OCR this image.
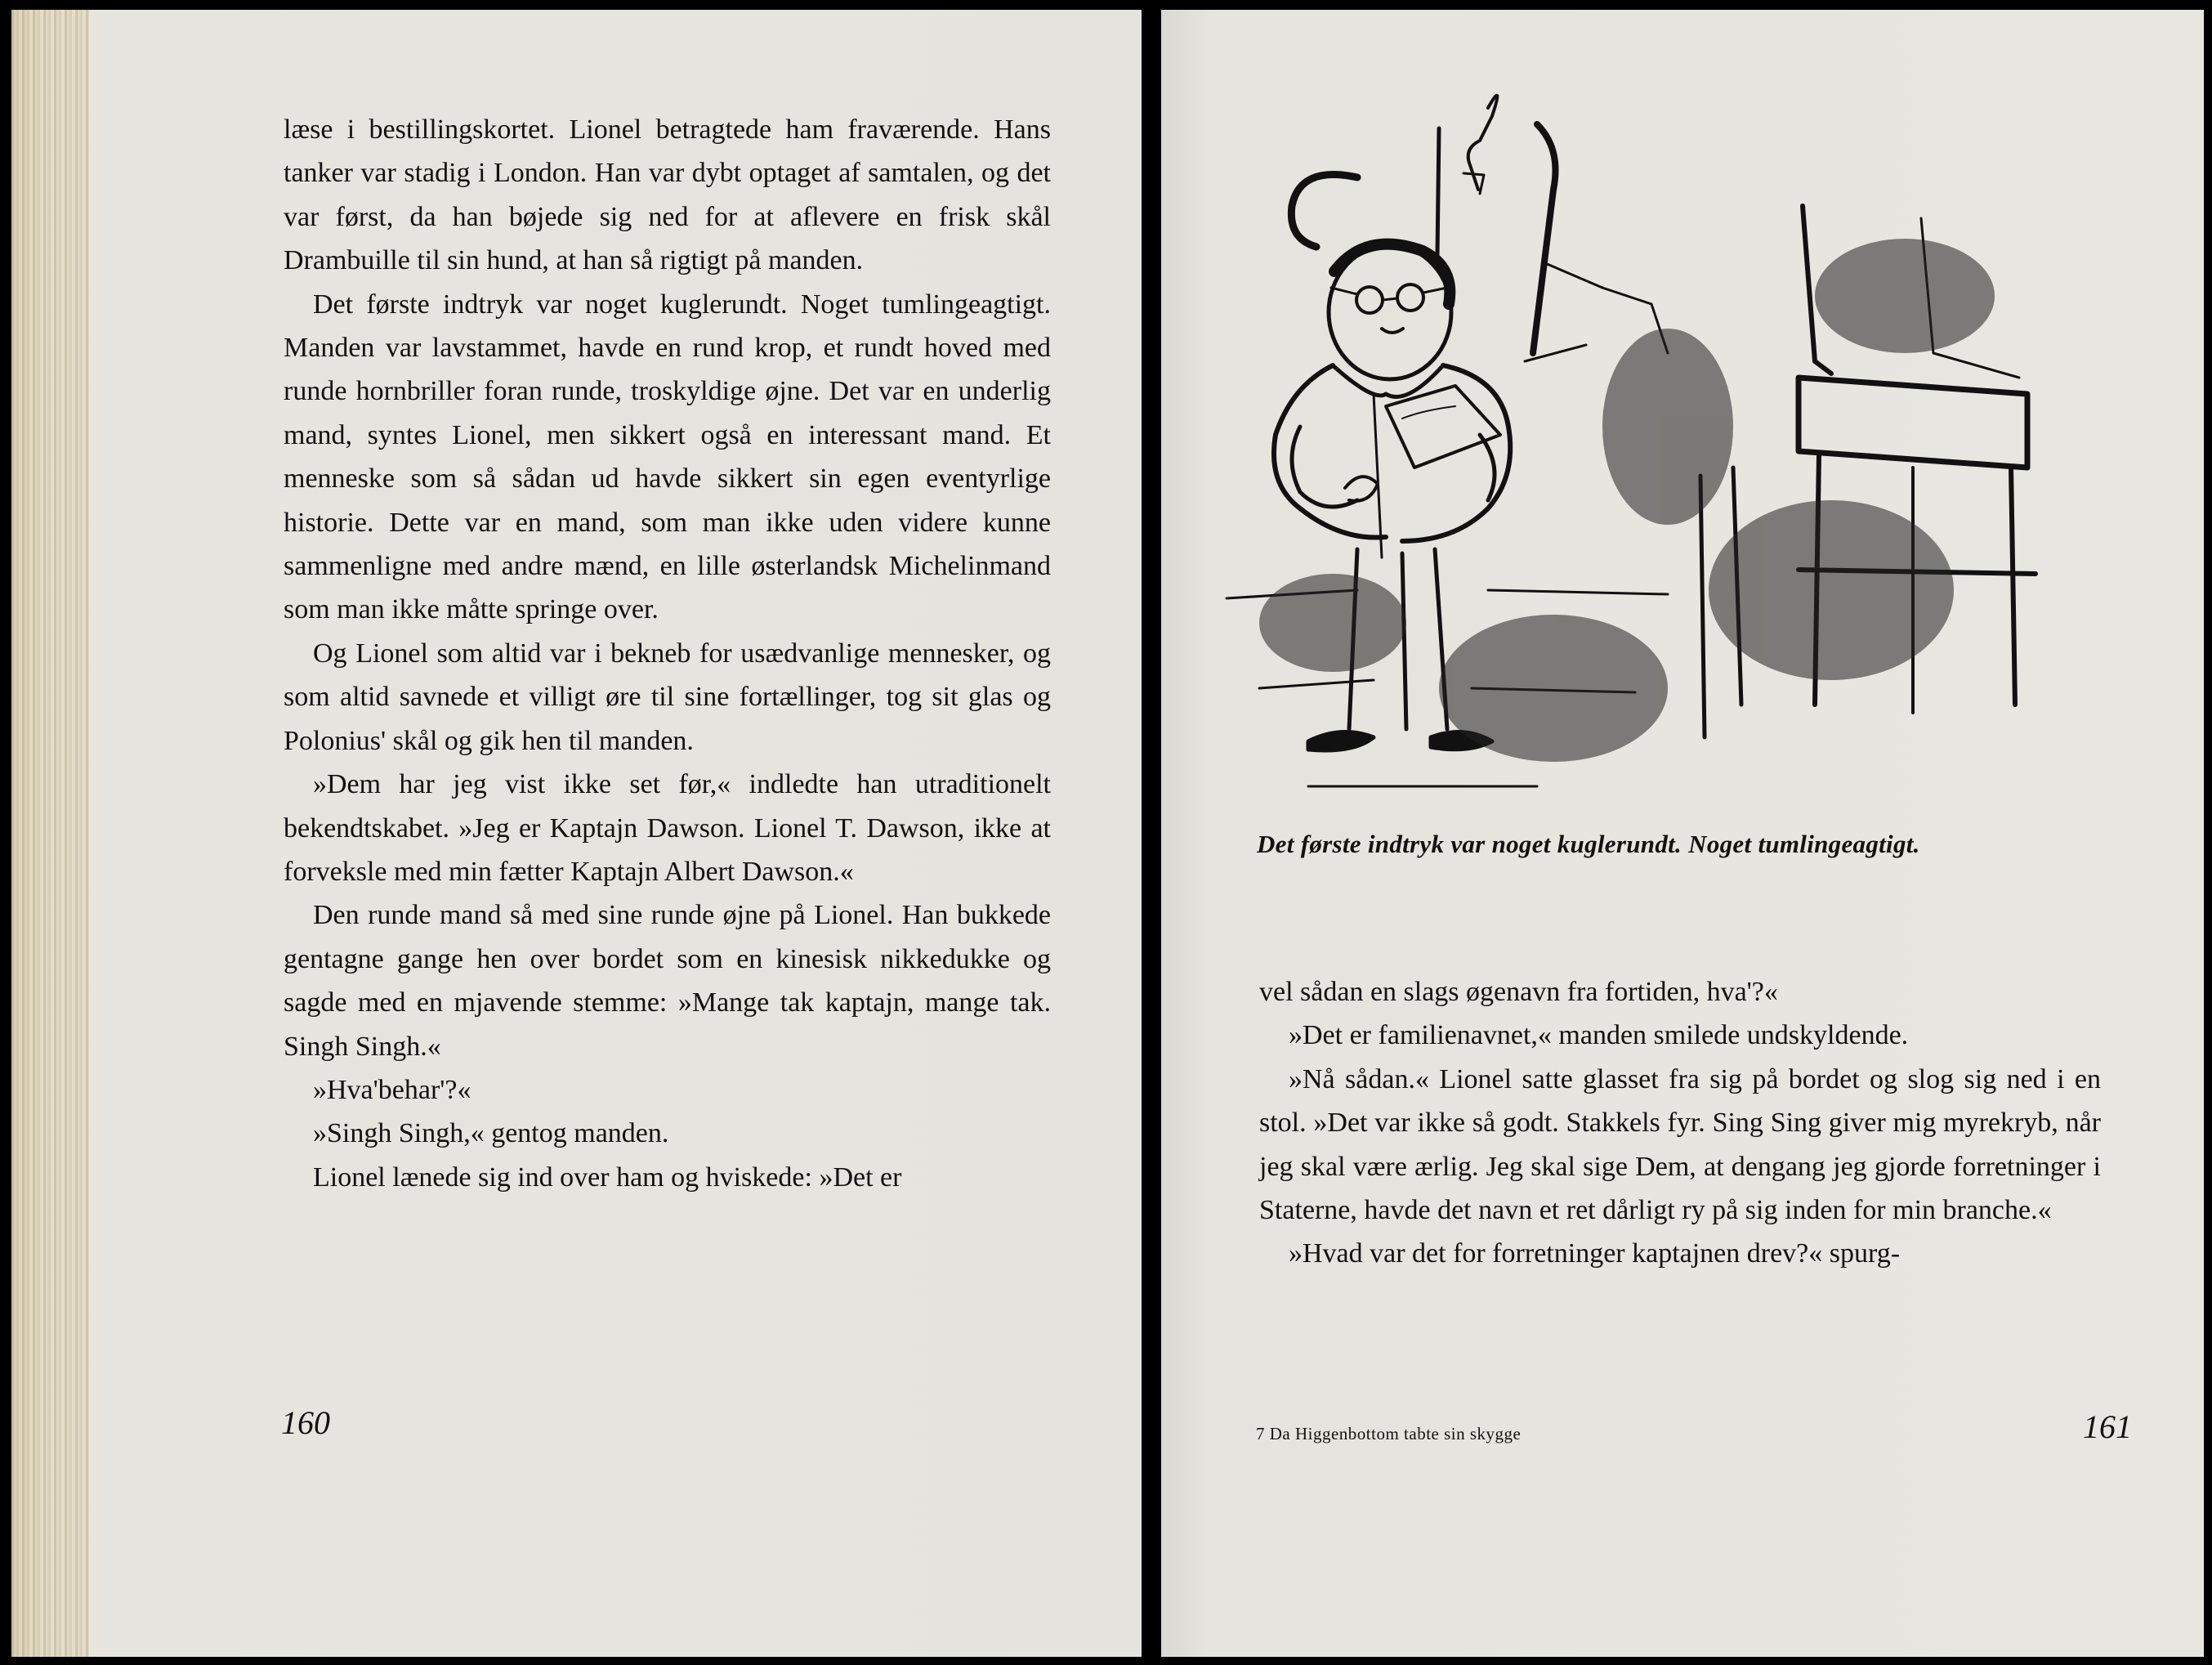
læse i bestillingskortet. Lionel betragtede ham fraværende. Hans tanker var stadig i London. Han var dybt optaget af samtalen, og det var først, da han bøjede sig ned for at aflevere en frisk skål Drambuille til sin hund, at han så rigtigt på manden.

Det første indtryk var noget kuglerundt. Noget tumlingeagtigt. Manden var lavstammet, havde en rund krop, et rundt hoved med runde hornbriller foran runde, troskyldige øjne. Det var en underlig mand, syntes Lionel, men sikkert også en interessant mand. Et menneske som så sådan ud havde sikkert sin egen eventyrlige historie. Dette var en mand, som man ikke uden videre kunne sammenligne med andre mænd, en lille østerlandsk Michelinmand som man ikke måtte springe over.

Og Lionel som altid var i bekneb for usædvanlige mennesker, og som altid savnede et villigt øre til sine fortællinger, tog sit glas og Polonius' skål og gik hen til manden.

»Dem har jeg vist ikke set før,« indledte han utraditionelt bekendtskabet. »Jeg er Kaptajn Dawson. Lionel T. Dawson, ikke at forveksle med min fætter Kaptajn Albert Dawson.«

Den runde mand så med sine runde øjne på Lionel. Han bukkede gentagne gange hen over bordet som en kinesisk nikkedukke og sagde med en mjavende stemme: »Mange tak kaptajn, mange tak. Singh Singh.«

»Hva'behar'?«

»Singh Singh,« gentog manden.

Lionel lænede sig ind over ham og hviskede: »Det er

160
Det første indtryk var noget kuglerundt. Noget tumlingeagtigt.

vel sådan en slags øgenavn fra fortiden, hva'?«

»Det er familienavnet,« manden smilede undskyldende.

»Nå sådan.« Lionel satte glasset fra sig på bordet og slog sig ned i en stol. »Det var ikke så godt. Stakkels fyr. Sing Sing giver mig myrekryb, når jeg skal være ærlig. Jeg skal sige Dem, at dengang jeg gjorde forretninger i Staterne, havde det navn et ret dårligt ry på sig inden for min branche.«

»Hvad var det for forretninger kaptajnen drev?« spurg-

7 Da Higgenbottom tabte sin skygge	161
